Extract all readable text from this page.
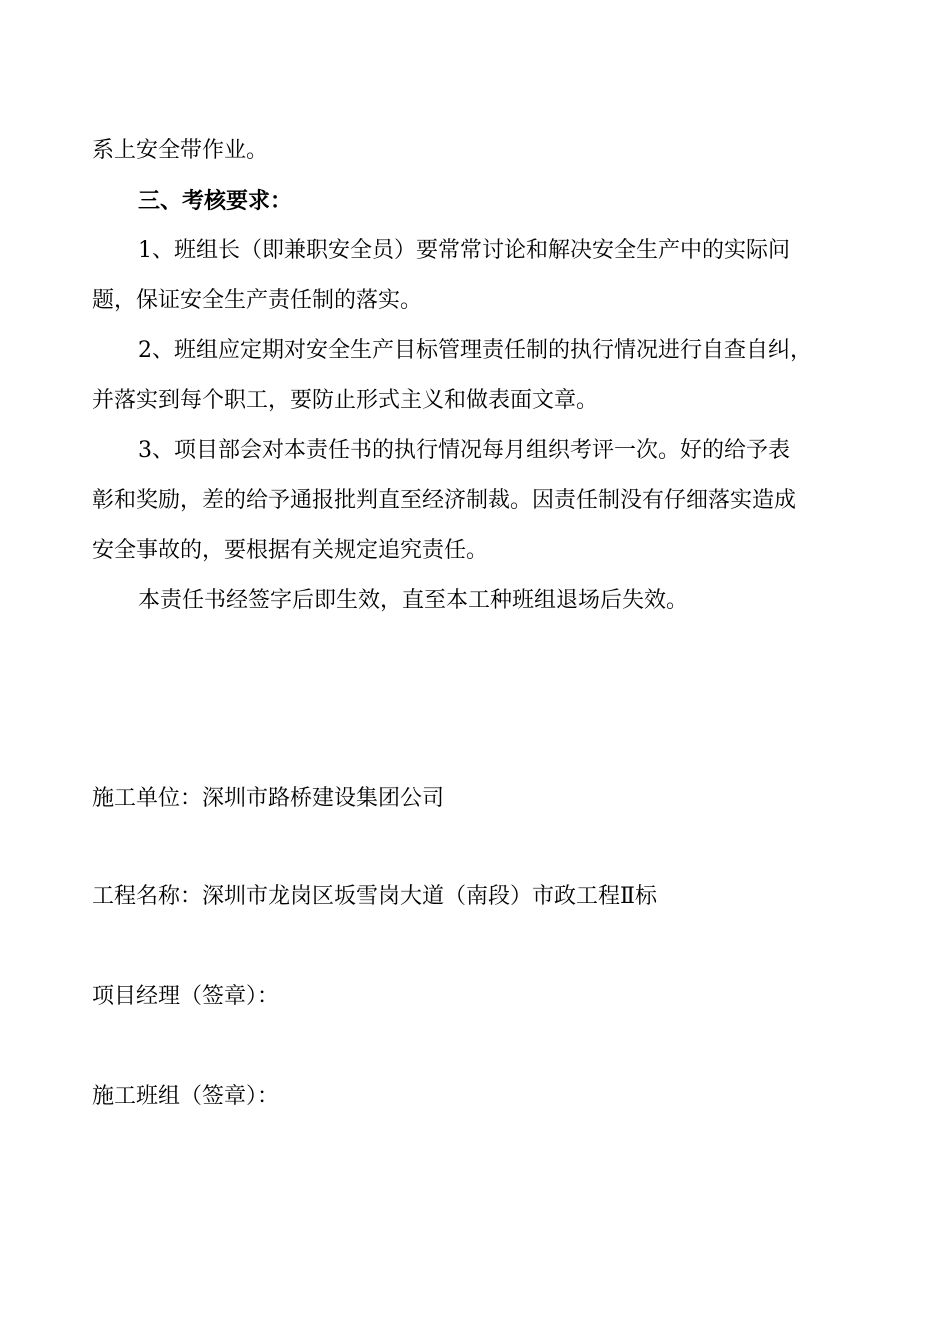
系上安全带作业。
三、考核要求：
1、班组长（即兼职安全员）要常常讨论和解决安全生产中的实际问
题，保证安全生产责任制的落实。
2、班组应定期对安全生产目标管理责任制的执行情况进行自查自纠，
并落实到每个职工，要防止形式主义和做表面文章。
3、项目部会对本责任书的执行情况每月组织考评一次。好的给予表
彰和奖励，差的给予通报批判直至经济制裁。因责任制没有仔细落实造成
安全事故的，要根据有关规定追究责任。
本责任书经签字后即生效，直至本工种班组退场后失效。
施工单位：深圳市路桥建设集团公司
工程名称：深圳市龙岗区坂雪岗大道（南段）市政工程Ⅱ标
项目经理（签章）：
施工班组（签章）：
